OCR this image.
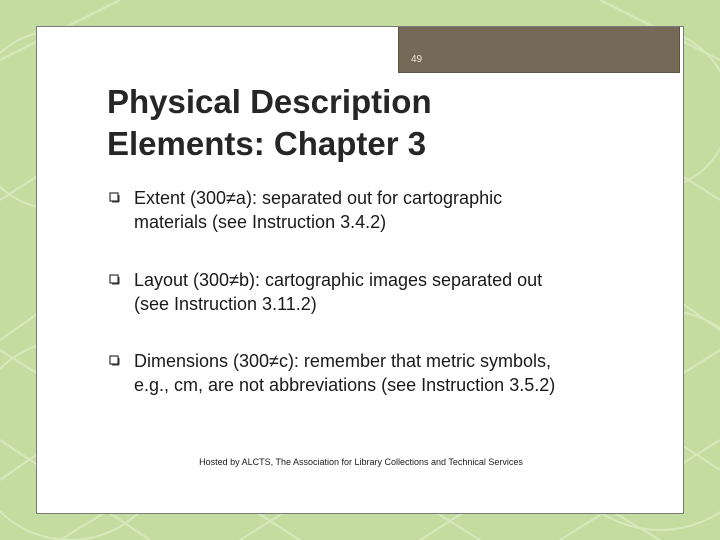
49
Physical Description
Elements: Chapter 3
Extent (300≠a): separated out for cartographic
materials (see Instruction 3.4.2)
Layout (300≠b): cartographic images separated out
(see Instruction 3.11.2)
Dimensions (300≠c): remember that metric symbols,
e.g., cm, are not abbreviations (see Instruction 3.5.2)
Hosted by ALCTS, The Association for Library Collections and Technical Services
